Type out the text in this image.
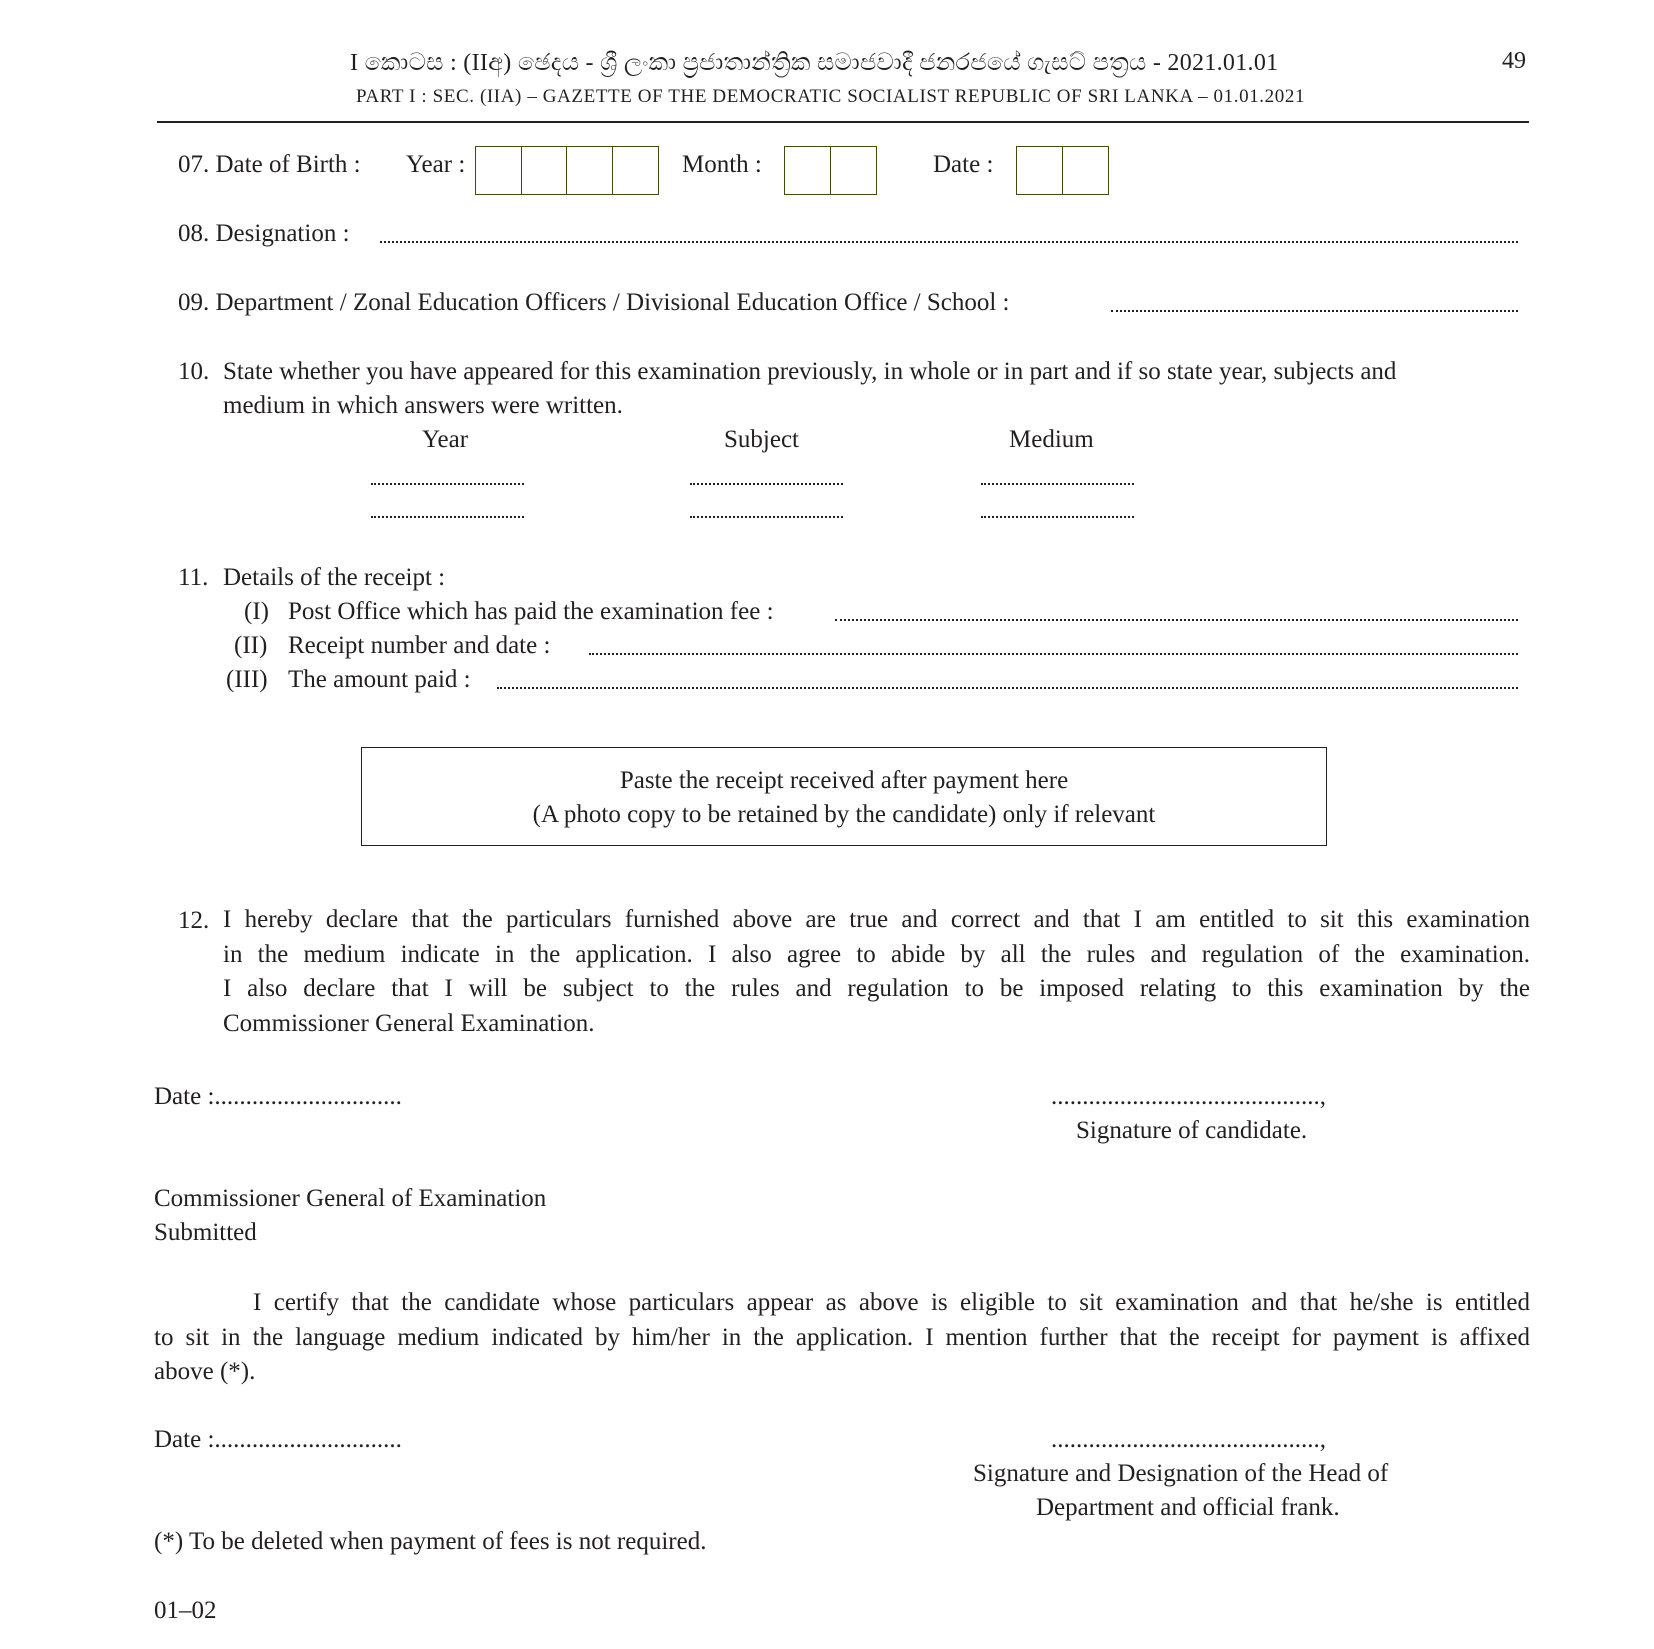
I කොටස : (IIඅ) ඡෙදය - ශ්‍රී ලංකා ප්‍රජාතාන්ත්‍රික සමාජවාදී ජනරජයේ ගැසට් පත්‍රය - 2021.01.01
PART I : SEC. (IIA) – GAZETTE OF THE DEMOCRATIC SOCIALIST REPUBLIC OF SRI LANKA – 01.01.2021
49
07. Date of Birth : Year :	Month :	Date :
08. Designation :
09. Department / Zonal Education Officers / Divisional Education Office / School :
10. State whether you have appeared for this examination previously, in whole or in part and if so state year, subjects and
medium in which answers were written.
Year	Subject	Medium
11. Details of the receipt :
(I) Post Office which has paid the examination fee :
(II) Receipt number and date :
(III) The amount paid :
Paste the receipt received after payment here
(A photo copy to be retained by the candidate) only if relevant
12. I hereby declare that the particulars furnished above are true and correct and that I am entitled to sit this examination
in the medium indicate in the application. I also agree to abide by all the rules and regulation of the examination.
I also declare that I will be subject to the rules and regulation to be imposed relating to this examination by the
Commissioner General Examination.
Date :..............................	...........................................,
Signature of candidate.
Commissioner General of Examination
Submitted
I certify that the candidate whose particulars appear as above is eligible to sit examination and that he/she is entitled
to sit in the language medium indicated by him/her in the application. I mention further that the receipt for payment is affixed
above (*).
Date :..............................	...........................................,
Signature and Designation of the Head of
Department and official frank.
(*) To be deleted when payment of fees is not required.
01–02
